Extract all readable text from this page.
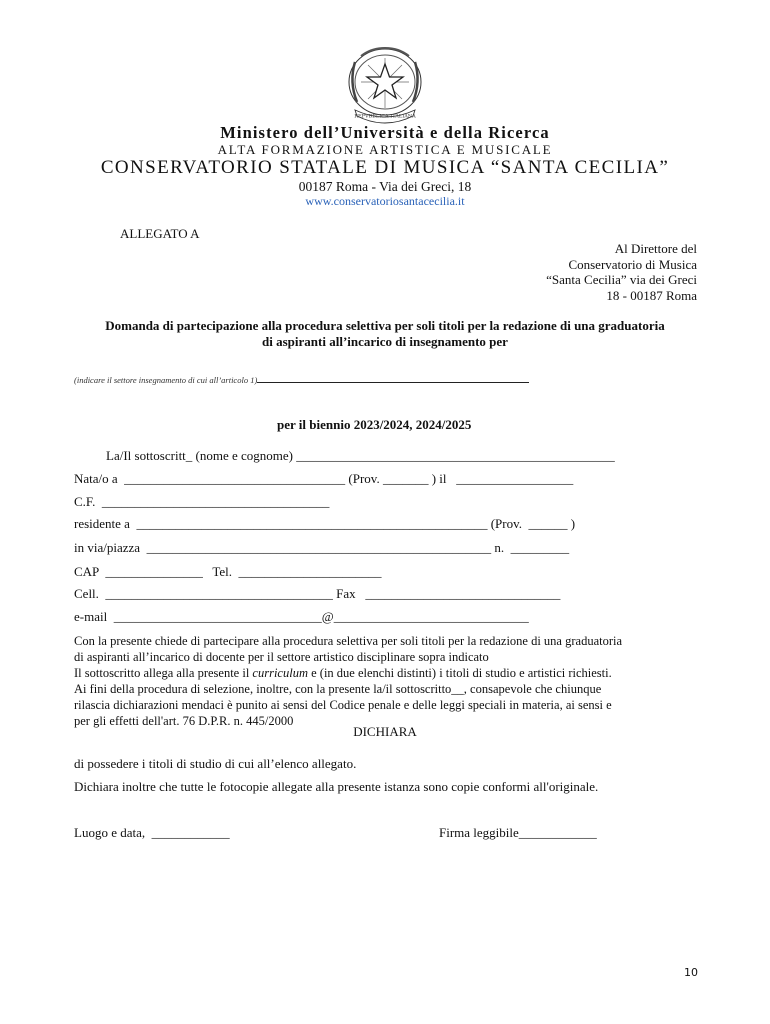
REPVBBLICA ITALIANA
Ministero dell’Università e della Ricerca
ALTA FORMAZIONE ARTISTICA E MUSICALE
CONSERVATORIO STATALE DI MUSICA “SANTA CECILIA”
00187 Roma - Via dei Greci, 18
www.conservatoriosantacecilia.it
ALLEGATO A
Al Direttore del
Conservatorio di Musica
“Santa Cecilia” via dei Greci
18 - 00187 Roma
Domanda di partecipazione alla procedura selettiva per soli titoli per la redazione di una graduatoria
di aspiranti all’incarico di insegnamento per
(indicare il settore insegnamento di cui all’articolo 1)
per il biennio 2023/2024, 2024/2025
La/Il sottoscritt_ (nome e cognome) _________________________________________________
Nata/o a  __________________________________ (Prov. _______ ) il   __________________
C.F.  ___________________________________
residente a  ______________________________________________________ (Prov.  ______ )
in via/piazza  _____________________________________________________ n.  _________
CAP  _______________   Tel.  ______________________
Cell.  ___________________________________ Fax   ______________________________
e-mail  ________________________________@______________________________
Con la presente chiede di partecipare alla procedura selettiva per soli titoli per la redazione di una graduatoria
di aspiranti all’incarico di docente per il settore artistico disciplinare sopra indicato
Il sottoscritto allega alla presente il curriculum e (in due elenchi distinti) i titoli di studio e artistici richiesti.
Ai fini della procedura di selezione, inoltre, con la presente la/il sottoscritto__, consapevole che chiunque
rilascia dichiarazioni mendaci è punito ai sensi del Codice penale e delle leggi speciali in materia, ai sensi e
per gli effetti dell'art. 76 D.P.R. n. 445/2000
DICHIARA
di possedere i titoli di studio di cui all’elenco allegato.
Dichiara inoltre che tutte le fotocopie allegate alla presente istanza sono copie conformi all'originale.
Luogo e data,  ____________	Firma leggibile____________
10
